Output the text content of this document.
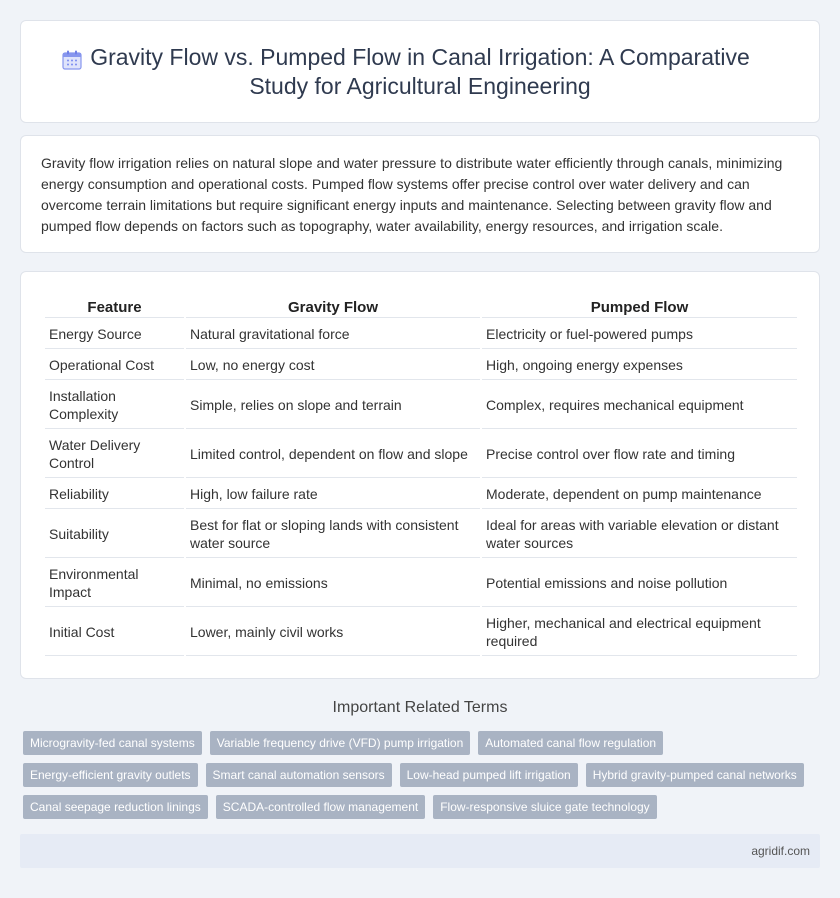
Gravity Flow vs. Pumped Flow in Canal Irrigation: A Comparative Study for Agricultural Engineering

Gravity flow irrigation relies on natural slope and water pressure to distribute water efficiently through canals, minimizing energy consumption and operational costs. Pumped flow systems offer precise control over water delivery and can overcome terrain limitations but require significant energy inputs and maintenance. Selecting between gravity flow and pumped flow depends on factors such as topography, water availability, energy resources, and irrigation scale.

Feature	Gravity Flow	Pumped Flow
Energy Source	Natural gravitational force	Electricity or fuel-powered pumps
Operational Cost	Low, no energy cost	High, ongoing energy expenses
Installation Complexity	Simple, relies on slope and terrain	Complex, requires mechanical equipment
Water Delivery Control	Limited control, dependent on flow and slope	Precise control over flow rate and timing
Reliability	High, low failure rate	Moderate, dependent on pump maintenance
Suitability	Best for flat or sloping lands with consistent water source	Ideal for areas with variable elevation or distant water sources
Environmental Impact	Minimal, no emissions	Potential emissions and noise pollution
Initial Cost	Lower, mainly civil works	Higher, mechanical and electrical equipment required
Important Related Terms
Microgravity-fed canal systems	Variable frequency drive (VFD) pump irrigation	Automated canal flow regulation
Energy-efficient gravity outlets	Smart canal automation sensors	Low-head pumped lift irrigation	Hybrid gravity-pumped canal networks
Canal seepage reduction linings	SCADA-controlled flow management	Flow-responsive sluice gate technology
agridif.com
